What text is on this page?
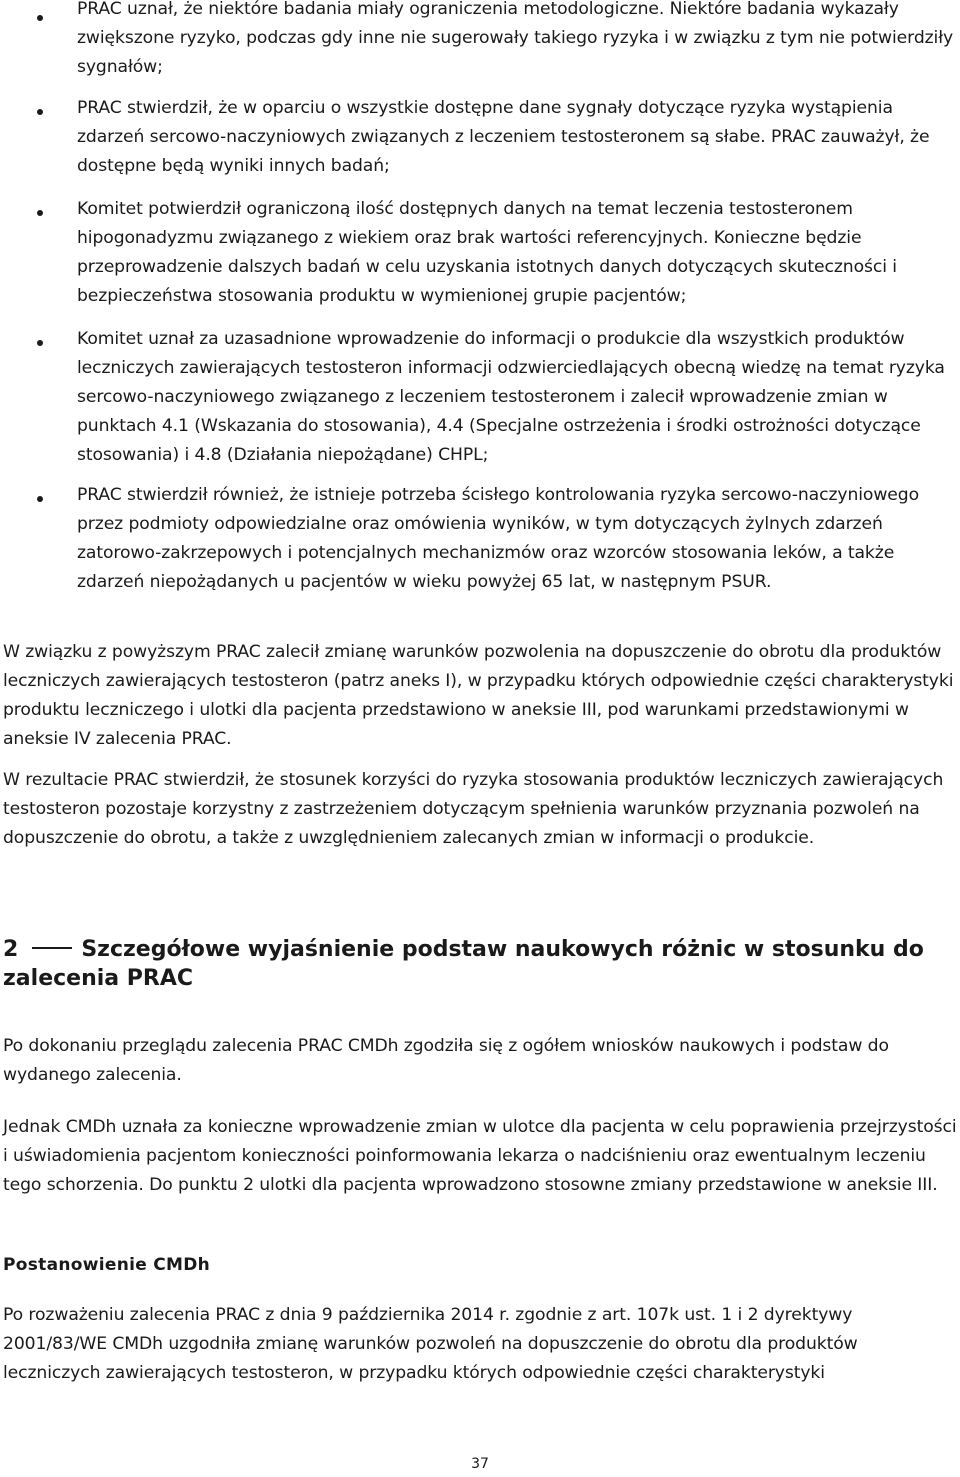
PRAC uznał, że niektóre badania miały ograniczenia metodologiczne. Niektóre badania wykazały zwiększone ryzyko, podczas gdy inne nie sugerowały takiego ryzyka i w związku z tym nie potwierdziły sygnałów;

PRAC stwierdził, że w oparciu o wszystkie dostępne dane sygnały dotyczące ryzyka wystąpienia zdarzeń sercowo-naczyniowych związanych z leczeniem testosteronem są słabe. PRAC zauważył, że dostępne będą wyniki innych badań;

Komitet potwierdził ograniczoną ilość dostępnych danych na temat leczenia testosteronem hipogonadyzmu związanego z wiekiem oraz brak wartości referencyjnych. Konieczne będzie przeprowadzenie dalszych badań w celu uzyskania istotnych danych dotyczących skuteczności i bezpieczeństwa stosowania produktu w wymienionej grupie pacjentów;

Komitet uznał za uzasadnione wprowadzenie do informacji o produkcie dla wszystkich produktów leczniczych zawierających testosteron informacji odzwierciedlających obecną wiedzę na temat ryzyka sercowo-naczyniowego związanego z leczeniem testosteronem i zalecił wprowadzenie zmian w punktach 4.1 (Wskazania do stosowania), 4.4 (Specjalne ostrzeżenia i środki ostrożności dotyczące stosowania) i 4.8 (Działania niepożądane) CHPL;

PRAC stwierdził również, że istnieje potrzeba ścisłego kontrolowania ryzyka sercowo-naczyniowego przez podmioty odpowiedzialne oraz omówienia wyników, w tym dotyczących żylnych zdarzeń zatorowo-zakrzepowych i potencjalnych mechanizmów oraz wzorców stosowania leków, a także zdarzeń niepożądanych u pacjentów w wieku powyżej 65 lat, w następnym PSUR.

W związku z powyższym PRAC zalecił zmianę warunków pozwolenia na dopuszczenie do obrotu dla produktów leczniczych zawierających testosteron (patrz aneks I), w przypadku których odpowiednie części charakterystyki produktu leczniczego i ulotki dla pacjenta przedstawiono w aneksie III, pod warunkami przedstawionymi w aneksie IV zalecenia PRAC.

W rezultacie PRAC stwierdził, że stosunek korzyści do ryzyka stosowania produktów leczniczych zawierających testosteron pozostaje korzystny z zastrzeżeniem dotyczącym spełnienia warunków przyznania pozwoleń na dopuszczenie do obrotu, a także z uwzględnieniem zalecanych zmian w informacji o produkcie.

2	Szczegółowe wyjaśnienie podstaw naukowych różnic w stosunku do zalecenia PRAC

Po dokonaniu przeglądu zalecenia PRAC CMDh zgodziła się z ogółem wniosków naukowych i podstaw do wydanego zalecenia.

Jednak CMDh uznała za konieczne wprowadzenie zmian w ulotce dla pacjenta w celu poprawienia przejrzystości i uświadomienia pacjentom konieczności poinformowania lekarza o nadciśnieniu oraz ewentualnym leczeniu tego schorzenia. Do punktu 2 ulotki dla pacjenta wprowadzono stosowne zmiany przedstawione w aneksie III.

Postanowienie CMDh

Po rozważeniu zalecenia PRAC z dnia 9 października 2014 r. zgodnie z art. 107k ust. 1 i 2 dyrektywy 2001/83/WE CMDh uzgodniła zmianę warunków pozwoleń na dopuszczenie do obrotu dla produktów leczniczych zawierających testosteron, w przypadku których odpowiednie części charakterystyki

37
